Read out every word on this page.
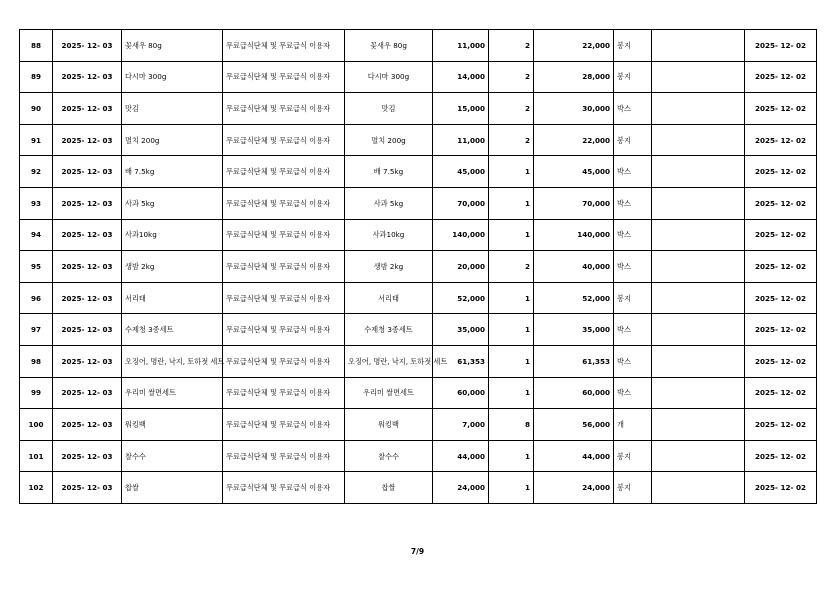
88	2025- 12- 03	꽃새우 80g	무료급식단체 및 무료급식 이용자	꽃새우 80g	11,000	2	22,000	봉지		2025- 12- 02
89	2025- 12- 03	다시마 300g	무료급식단체 및 무료급식 이용자	다시마 300g	14,000	2	28,000	봉지		2025- 12- 02
90	2025- 12- 03	맛김	무료급식단체 및 무료급식 이용자	맛김	15,000	2	30,000	박스		2025- 12- 02
91	2025- 12- 03	멸치 200g	무료급식단체 및 무료급식 이용자	멸치 200g	11,000	2	22,000	봉지		2025- 12- 02
92	2025- 12- 03	배 7.5kg	무료급식단체 및 무료급식 이용자	배 7.5kg	45,000	1	45,000	박스		2025- 12- 02
93	2025- 12- 03	사과 5kg	무료급식단체 및 무료급식 이용자	사과 5kg	70,000	1	70,000	박스		2025- 12- 02
94	2025- 12- 03	사과10kg	무료급식단체 및 무료급식 이용자	사과10kg	140,000	1	140,000	박스		2025- 12- 02
95	2025- 12- 03	생밤 2kg	무료급식단체 및 무료급식 이용자	생밤 2kg	20,000	2	40,000	박스		2025- 12- 02
96	2025- 12- 03	서리태	무료급식단체 및 무료급식 이용자	서리태	52,000	1	52,000	봉지		2025- 12- 02
97	2025- 12- 03	수제청 3종세트	무료급식단체 및 무료급식 이용자	수제청 3종세트	35,000	1	35,000	박스		2025- 12- 02
98	2025- 12- 03	오징어, 명란, 낙지, 토하젓 세트	무료급식단체 및 무료급식 이용자	오징어, 명란, 낙지, 토하젓 세트	61,353	1	61,353	박스		2025- 12- 02
99	2025- 12- 03	우리미 쌀면세트	무료급식단체 및 무료급식 이용자	우리미 쌀면세트	60,000	1	60,000	박스		2025- 12- 02
100	2025- 12- 03	워킹백	무료급식단체 및 무료급식 이용자	워킹백	7,000	8	56,000	개		2025- 12- 02
101	2025- 12- 03	찰수수	무료급식단체 및 무료급식 이용자	찰수수	44,000	1	44,000	봉지		2025- 12- 02
102	2025- 12- 03	찹쌀	무료급식단체 및 무료급식 이용자	찹쌀	24,000	1	24,000	봉지		2025- 12- 02
7/9
